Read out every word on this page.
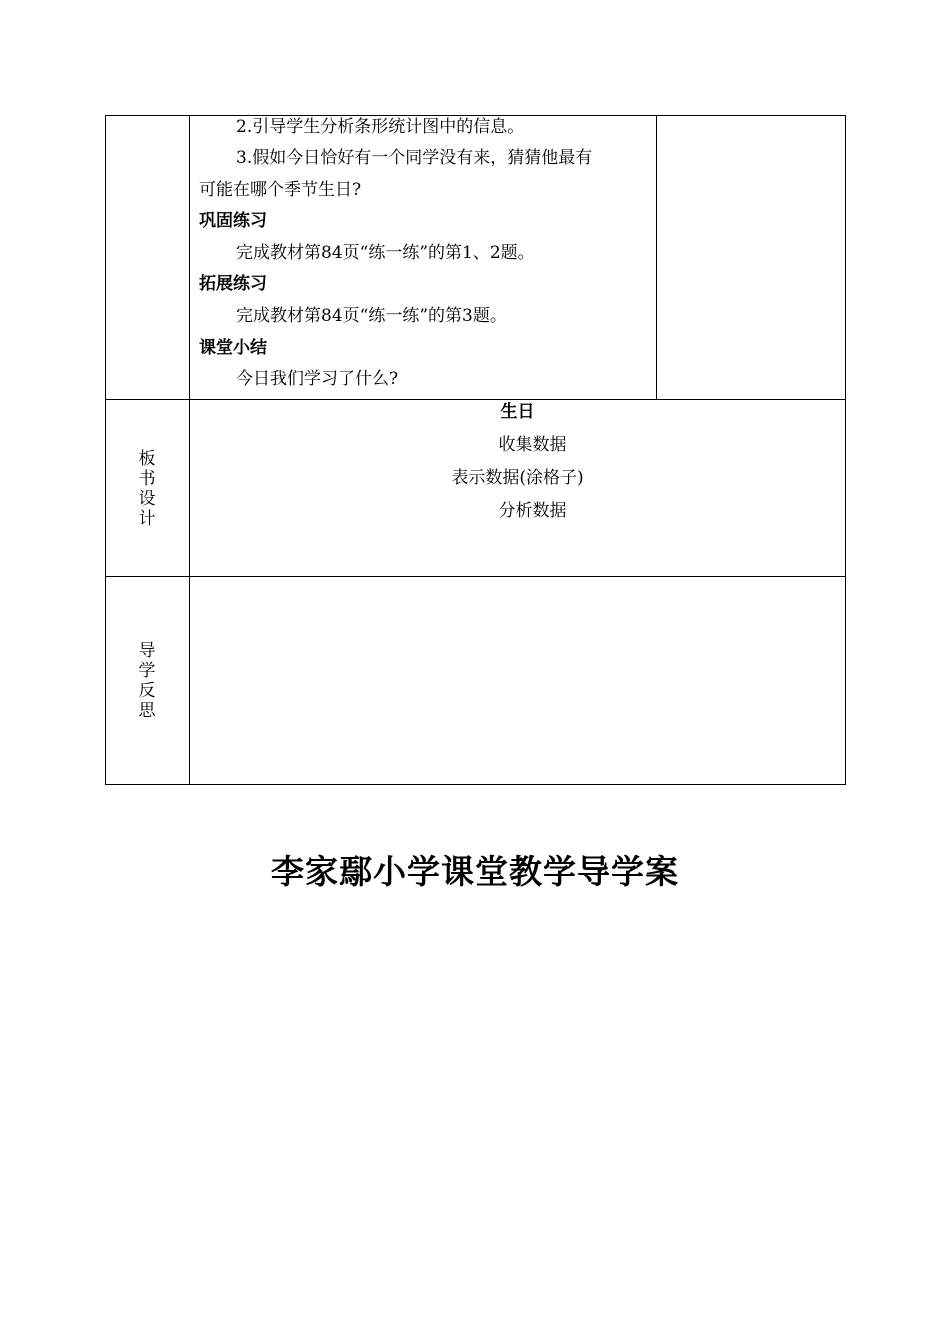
2.引导学生分析条形统计图中的信息。
3.假如今日恰好有一个同学没有来，猜猜他最有
可能在哪个季节生日?
巩固练习
完成教材第84页“练一练”的第1、2题。
拓展练习
完成教材第84页“练一练”的第3题。
课堂小结
今日我们学习了什么?
板
书
设
计
生日
收集数据
表示数据(涂格子)
分析数据
导
学
反
思
李家鄢小学课堂教学导学案
